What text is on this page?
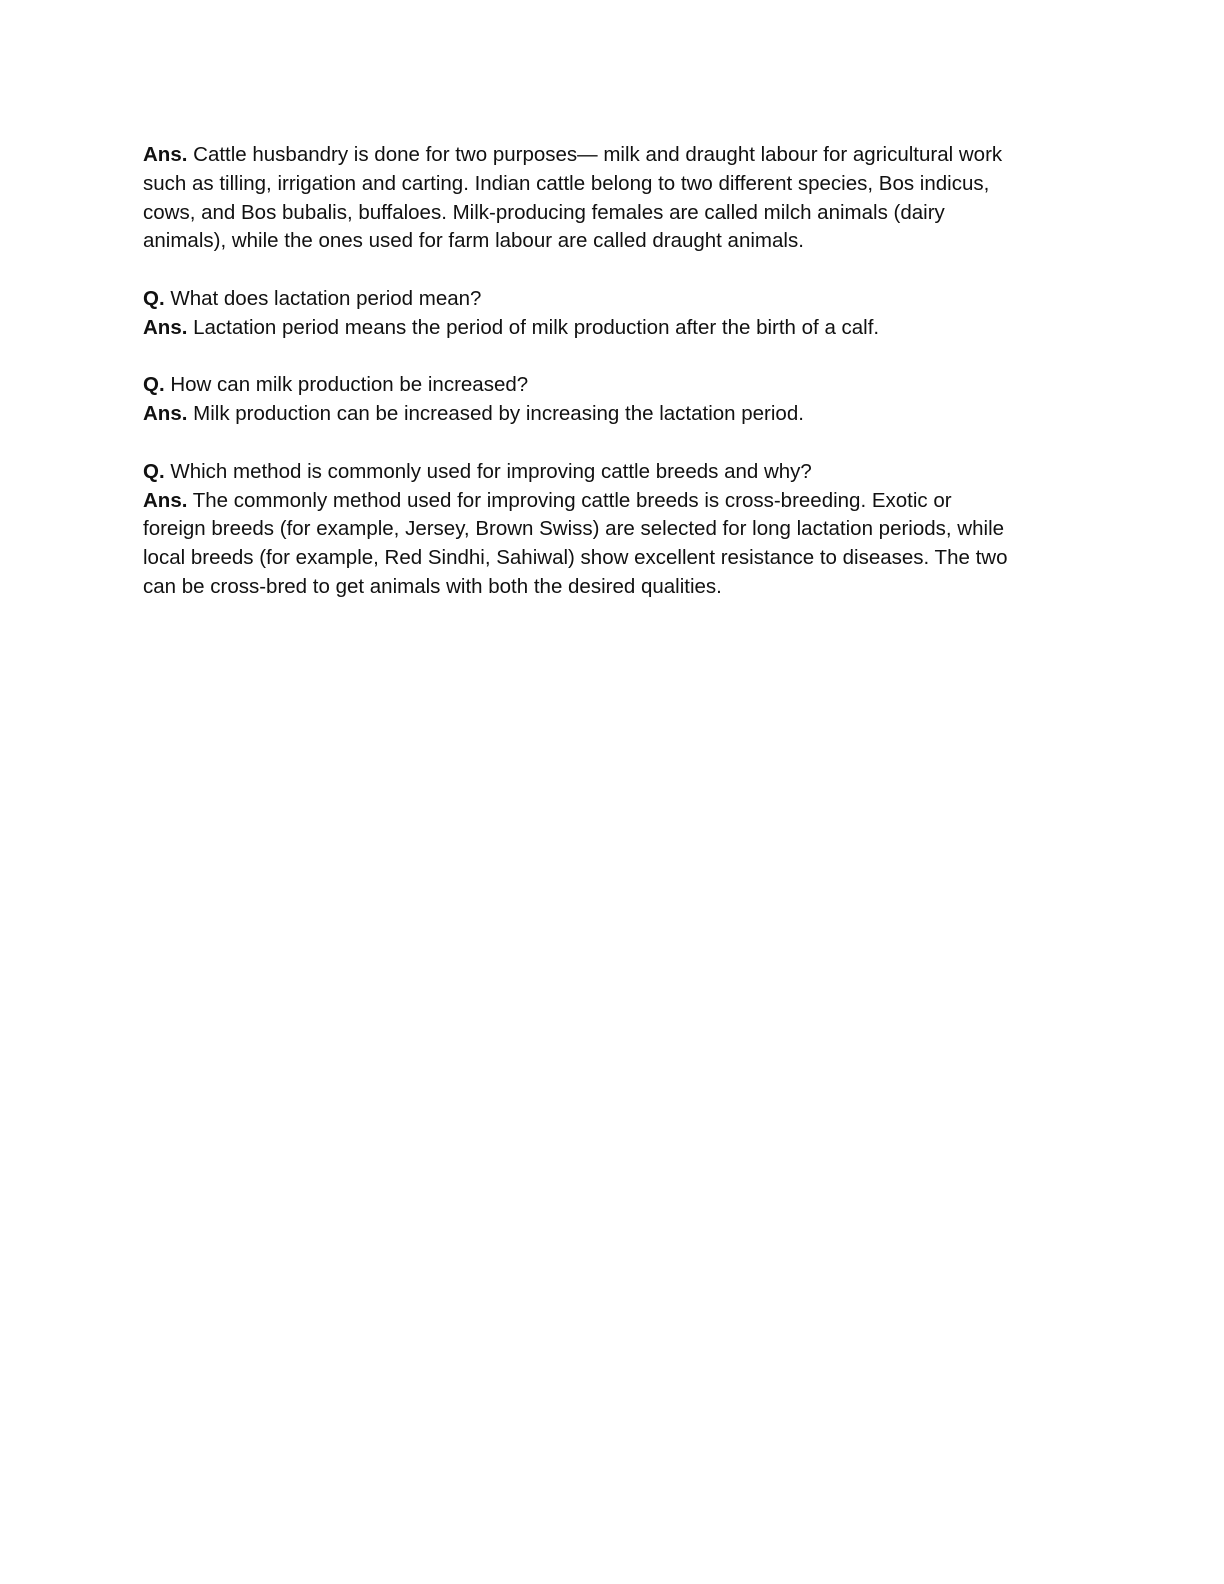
Ans. Cattle husbandry is done for two purposes— milk and draught labour for agricultural work
such as tilling, irrigation and carting. Indian cattle belong to two different species, Bos indicus,
cows, and Bos bubalis, buffaloes. Milk-producing females are called milch animals (dairy
animals), while the ones used for farm labour are called draught animals.
Q. What does lactation period mean?
Ans. Lactation period means the period of milk production after the birth of a calf.
Q. How can milk production be increased?
Ans. Milk production can be increased by increasing the lactation period.
Q. Which method is commonly used for improving cattle breeds and why?
Ans. The commonly method used for improving cattle breeds is cross-breeding. Exotic or
foreign breeds (for example, Jersey, Brown Swiss) are selected for long lactation periods, while
local breeds (for example, Red Sindhi, Sahiwal) show excellent resistance to diseases. The two
can be cross-bred to get animals with both the desired qualities.
